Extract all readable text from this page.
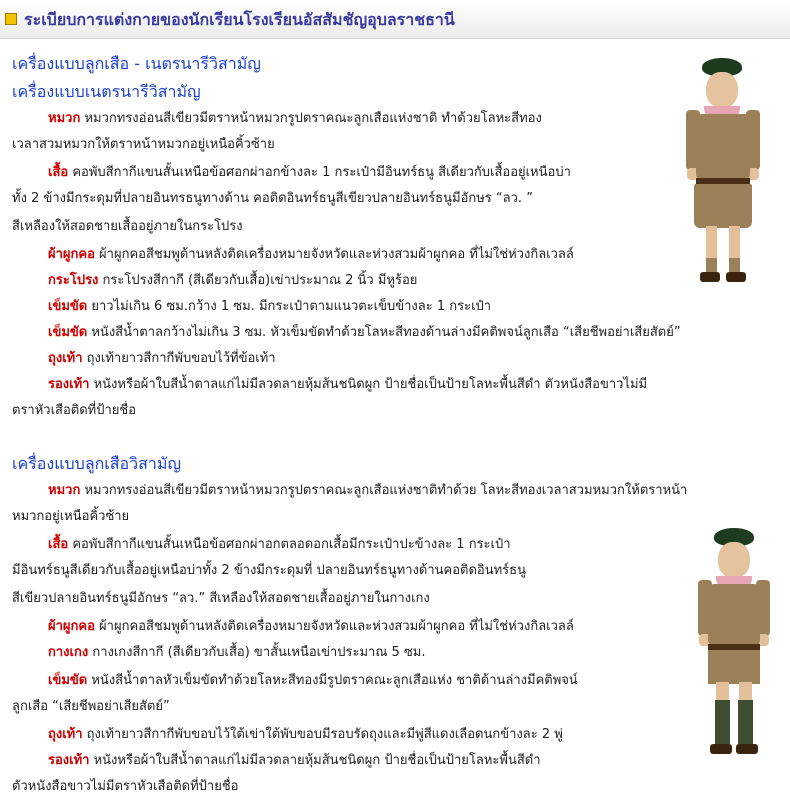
ระเบียบการแต่งกายของนักเรียนโรงเรียนอัสสัมชัญอุบลราชธานี
เครื่องแบบลูกเสือ - เนตรนารีวิสามัญ
เครื่องแบบเนตรนารีวิสามัญ
หมวก หมวกทรงอ่อนสีเขียวมีตราหน้าหมวกรูปตราคณะลูกเสือแห่งชาติ ทำด้วยโลหะสีทอง
เวลาสวมหมวกให้ตราหน้าหมวกอยู่เหนือคิ้วซ้าย
เสื้อ คอพับสีกากีแขนสั้นเหนือข้อศอกผ่าอกข้างละ 1 กระเป๋ามีอินทร์ธนู สีเดียวกับเสื้ออยู่เหนือบ่า
ทั้ง 2 ข้างมีกระดุมที่ปลายอินทรธนูทางด้าน คอติดอินทร์ธนูสีเขียวปลายอินทร์ธนูมีอักษร “ลว. ”
สีเหลืองให้สอดชายเสื้ออยู่ภายในกระโปรง
ผ้าผูกคอ ผ้าผูกคอสีชมพูด้านหลังติดเครื่องหมายจังหวัดและห่วงสวมผ้าผูกคอ ที่ไม่ใช่ห่วงกิลเวลล์
กระโปรง กระโปรงสีกากี (สีเดียวกับเสื้อ)เข่าประมาณ 2 นิ้ว มีหูร้อย
เข็มขัด ยาวไม่เกิน 6 ซม.กว้าง 1 ซม. มีกระเป๋าตามแนวตะเข็บข้างละ 1 กระเป๋า
เข็มขัด หนังสีน้ำตาลกว้างไม่เกิน 3 ซม. หัวเข็มขัดทำด้วยโลหะสีทองด้านล่างมีคติพจน์ลูกเสือ “เสียชีพอย่าเสียสัตย์”
ถุงเท้า ถุงเท้ายาวสีกากีพับขอบไว้ที่ข้อเท้า
รองเท้า หนังหรือผ้าใบสีน้ำตาลแก่ไม่มีลวดลายหุ้มส้นชนิดผูก ป้ายชื่อเป็นป้ายโลหะพื้นสีดำ ตัวหนังสือขาวไม่มี
ตราหัวเสือติดที่ป้ายชื่อ
เครื่องแบบลูกเสือวิสามัญ
หมวก หมวกทรงอ่อนสีเขียวมีตราหน้าหมวกรูปตราคณะลูกเสือแห่งชาติทำด้วย โลหะสีทองเวลาสวมหมวกให้ตราหน้า
หมวกอยู่เหนือคิ้วซ้าย
เสื้อ คอพับสีกากีแขนสั้นเหนือข้อศอกผ่าอกตลอดอกเสื้อมีกระเป๋าปะข้างละ 1 กระเป๋า
มีอินทร์ธนูสีเดียวกับเสื้ออยู่เหนือบ่าทั้ง 2 ข้างมีกระดุมที่ ปลายอินทร์ธนูทางด้านคอติดอินทร์ธนู
สีเขียวปลายอินทร์ธนูมีอักษร “ลว.” สีเหลืองให้สอดชายเสื้ออยู่ภายในกางเกง
ผ้าผูกคอ ผ้าผูกคอสีชมพูด้านหลังติดเครื่องหมายจังหวัดและห่วงสวมผ้าผูกคอ ที่ไม่ใช่ห่วงกิลเวลล์
กางเกง กางเกงสีกากี (สีเดียวกับเสื้อ) ขาสั้นเหนือเข่าประมาณ 5 ซม.
เข็มขัด หนังสีน้ำตาลหัวเข็มขัดทำด้วยโลหะสีทองมีรูปตราคณะลูกเสือแห่ง ชาติด้านล่างมีคติพจน์
ลูกเสือ “เสียชีพอย่าเสียสัตย์”
ถุงเท้า ถุงเท้ายาวสีกากีพับขอบไว้ใต้เข่าใต้พับขอบมีรอบรัดถุงและมีพู่สีแดงเลือดนกข้างละ 2 พู่
รองเท้า หนังหรือผ้าใบสีน้ำตาลแก่ไม่มีลวดลายหุ้มส้นชนิดผูก ป้ายชื่อเป็นป้ายโลหะพื้นสีดำ
ตัวหนังสือขาวไม่มีตราหัวเสือติดที่ป้ายชื่อ
